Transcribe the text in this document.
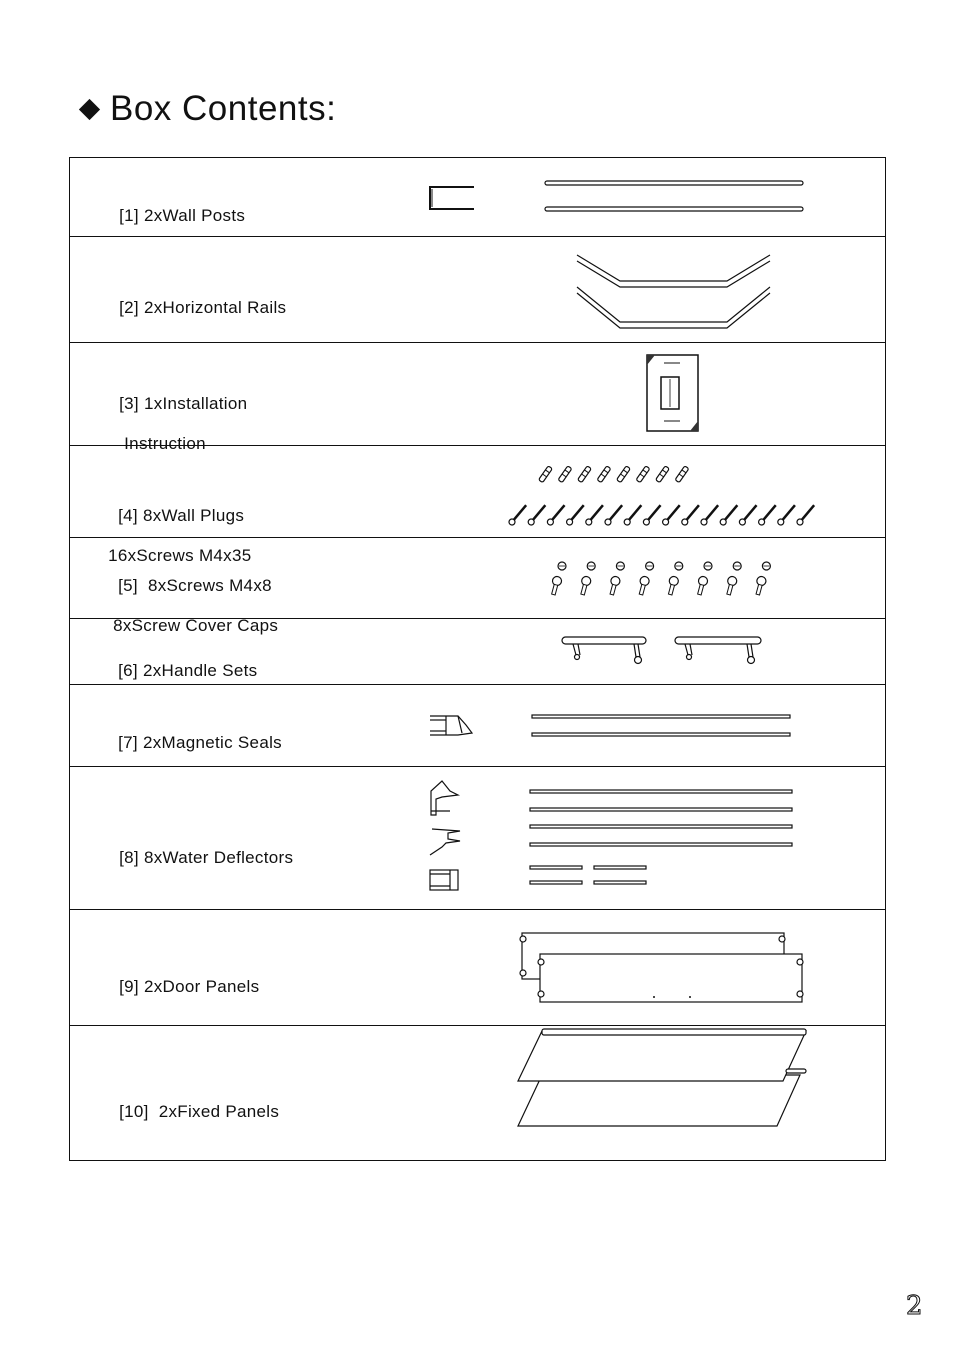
Box Contents:

[1] 2xWall Posts

[2] 2xHorizontal Rails

[3] 1xInstallation

Instruction

[4] 8xWall Plugs

16xScrews M4x35

[5]  8xScrews M4x8

8xScrew Cover Caps

[6] 2xHandle Sets

[7] 2xMagnetic Seals

[8] 8xWater Deflectors

[9] 2xDoor Panels

[10]  2xFixed Panels

2
